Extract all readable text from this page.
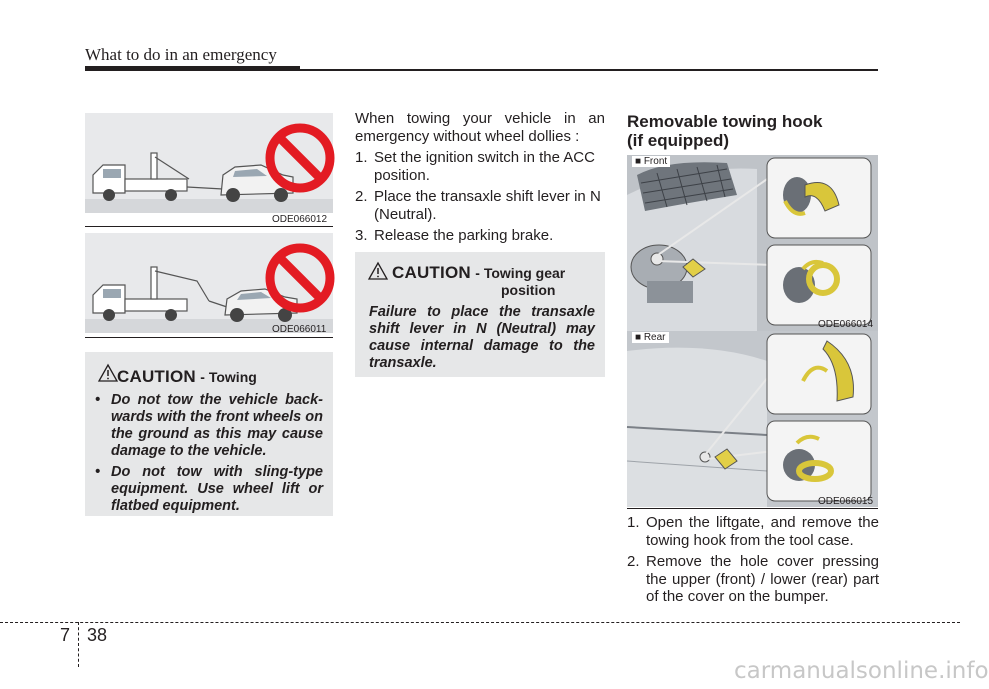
What to do in an emergency
ODE066012
ODE066011
CAUTION - Towing
• Do not tow the vehicle back- wards with the front wheels on the ground as this may cause damage to the vehicle.
• Do not tow with sling-type equipment. Use wheel lift or flatbed equipment.
When towing your vehicle in an emergency without wheel dollies :
1. Set the ignition switch in the ACC position.
2. Place the transaxle shift lever in N (Neutral).
3. Release the parking brake.
CAUTION - Towing gear
position
Failure to place the transaxle shift lever in N (Neutral) may cause internal damage to the transaxle.
Removable towing hook
(if equipped)
■ Front
ODE066014
■ Rear
ODE066015
1. Open the liftgate, and remove the towing hook from the tool case.
2. Remove the hole cover pressing the upper (front) / lower (rear) part of the cover on the bumper.
7 38
carmanualsonline.info
